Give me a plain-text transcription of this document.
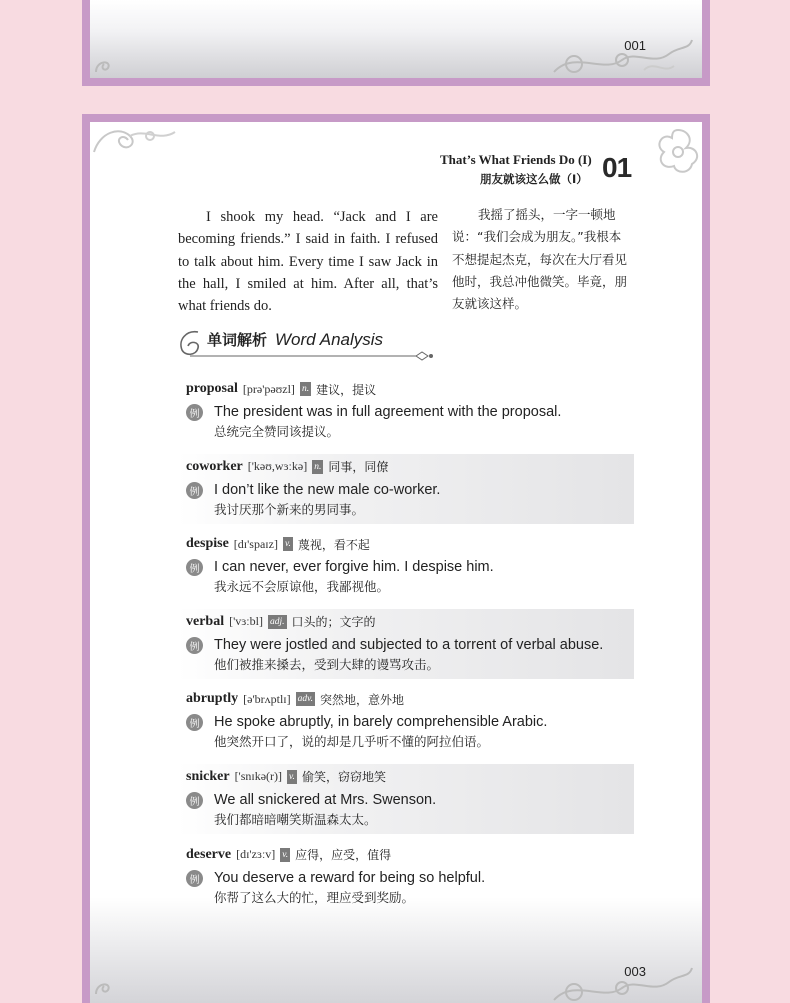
001
That’s What Friends Do (I)
朋友就该这么做（Ⅰ） 01

I shook my head. “Jack and I are becoming friends.” I said in faith. I refused to talk about him. Every time I saw Jack in the hall, I smiled at him. After all, that’s what friends do.

我摇了摇头，一字一顿地说：“我们会成为朋友。”我根本不想提起杰克，每次在大厅看见他时，我总冲他微笑。毕竟，朋友就该这样。

单词解析 Word Analysis
proposal [prə'pəʊzl] n. 建议，提议
例 The president was in full agreement with the proposal.
总统完全赞同该提议。
coworker ['kəʊ,wɜːkə] n. 同事，同僚
例 I don’t like the new male co-worker.
我讨厌那个新来的男同事。
despise [dɪ'spaɪz] v. 蔑视，看不起
例 I can never, ever forgive him. I despise him.
我永远不会原谅他，我鄙视他。
verbal ['vɜːbl] adj. 口头的；文字的
例 They were jostled and subjected to a torrent of verbal abuse.
他们被推来搡去，受到大肆的谩骂攻击。
abruptly [ə'brʌptlɪ] adv. 突然地，意外地
例 He spoke abruptly, in barely comprehensible Arabic.
他突然开口了，说的却是几乎听不懂的阿拉伯语。
snicker ['snɪkə(r)] v. 偷笑，窃窃地笑
例 We all snickered at Mrs. Swenson.
我们都暗暗嘲笑斯温森太太。
deserve [dɪ'zɜːv] v. 应得，应受，值得
例 You deserve a reward for being so helpful.
你帮了这么大的忙，理应受到奖励。
003
